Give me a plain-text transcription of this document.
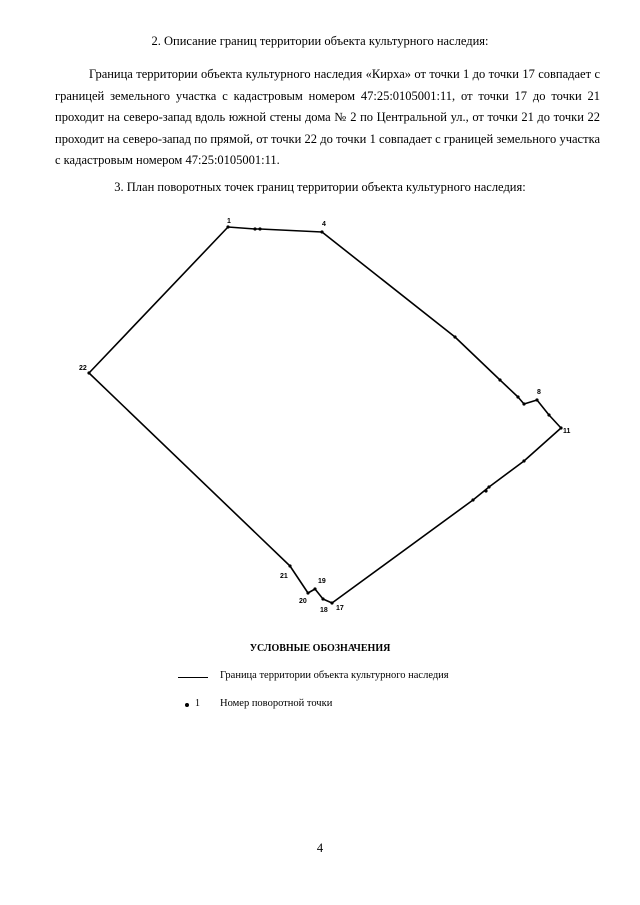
2. Описание границ территории объекта культурного наследия:
Граница территории объекта культурного наследия «Кирха» от точки 1 до точки 17 совпадает с границей земельного участка с кадастровым номером 47:25:0105001:11, от точки 17 до точки 21 проходит на северо-запад вдоль южной стены дома № 2 по Центральной ул., от точки 21 до точки 22 проходит на северо-запад по прямой, от точки 22 до точки 1 совпадает с границей земельного участка с кадастровым номером 47:25:0105001:11.
3. План поворотных точек границ территории объекта культурного наследия:
1	4
8
11
17
18
19
20
21
22
УСЛОВНЫЕ ОБОЗНАЧЕНИЯ
Граница территории объекта культурного наследия
1 Номер поворотной точки
4
